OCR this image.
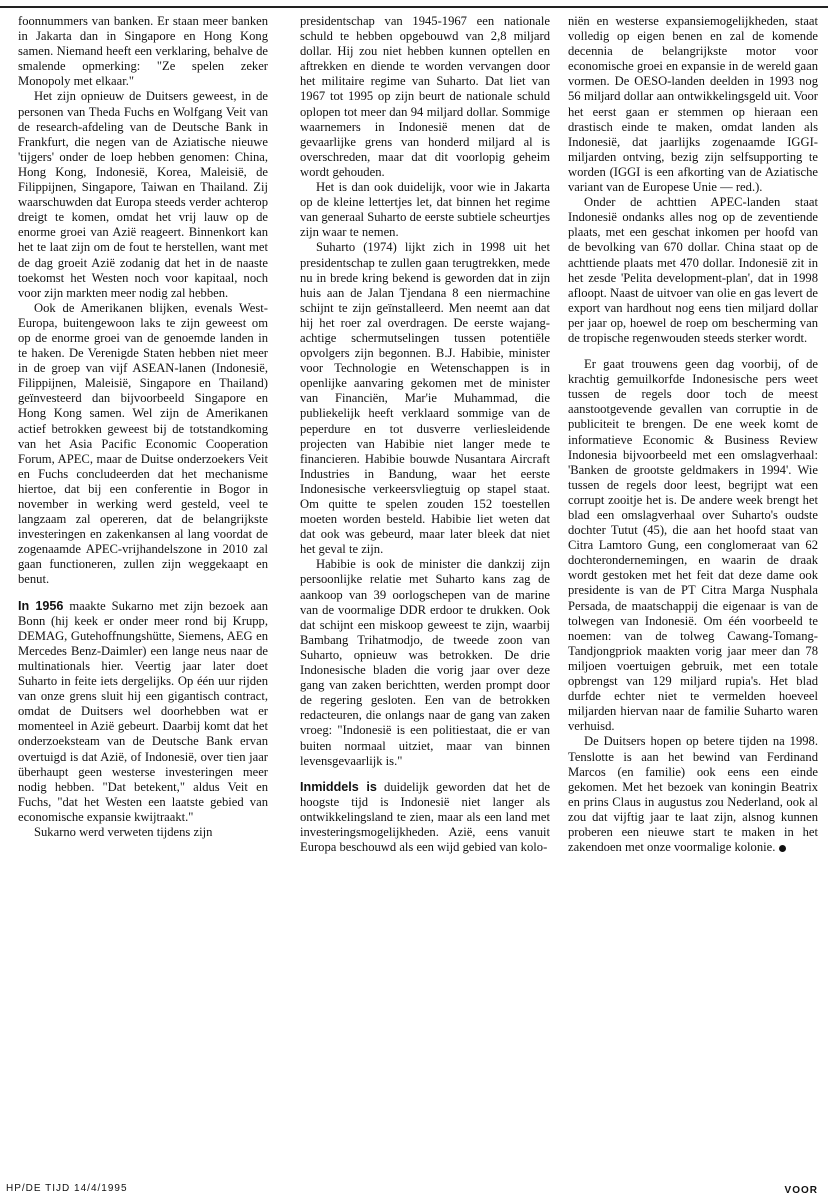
foonnummers van banken. Er staan meer banken in Jakarta dan in Singapore en Hong Kong samen. Niemand heeft een verklaring, behalve de smalende opmerking: "Ze spelen zeker Monopoly met elkaar."

Het zijn opnieuw de Duitsers geweest, in de personen van Theda Fuchs en Wolfgang Veit van de research-afdeling van de Deutsche Bank in Frankfurt, die negen van de Aziatische nieuwe 'tijgers' onder de loep hebben genomen: China, Hong Kong, Indonesië, Korea, Maleisië, de Filippijnen, Singapore, Taiwan en Thailand. Zij waarschuwden dat Europa steeds verder achterop dreigt te komen, omdat het vrij lauw op de enorme groei van Azië reageert. Binnenkort kan het te laat zijn om de fout te herstellen, want met de dag groeit Azië zodanig dat het in de naaste toekomst het Westen noch voor kapitaal, noch voor zijn markten meer nodig zal hebben.

Ook de Amerikanen blijken, evenals West-Europa, buitengewoon laks te zijn geweest om op de enorme groei van de genoemde landen in te haken. De Verenigde Staten hebben niet meer in de groep van vijf ASEAN-lanen (Indonesië, Filippijnen, Maleisië, Singapore en Thailand) geïnvesteerd dan bijvoorbeeld Singapore en Hong Kong samen. Wel zijn de Amerikanen actief betrokken geweest bij de totstandkoming van het Asia Pacific Economic Cooperation Forum, APEC, maar de Duitse onderzoekers Veit en Fuchs concludeerden dat het mechanisme hiertoe, dat bij een conferentie in Bogor in november in werking werd gesteld, veel te langzaam zal opereren, dat de belangrijkste investeringen en zakenkansen al lang voordat de zogenaamde APEC-vrijhandelszone in 2010 zal gaan functioneren, zullen zijn weggekaapt en benut.

In 1956 maakte Sukarno met zijn bezoek aan Bonn (hij keek er onder meer rond bij Krupp, DEMAG, Gutehoffnungshütte, Siemens, AEG en Mercedes Benz-Daimler) een lange neus naar de multinationals hier. Veertig jaar later doet Suharto in feite iets dergelijks. Op één uur rijden van onze grens sluit hij een gigantisch contract, omdat de Duitsers wel doorhebben wat er momenteel in Azië gebeurt. Daarbij komt dat het onderzoeksteam van de Deutsche Bank ervan overtuigd is dat Azië, of Indonesië, over tien jaar überhaupt geen westerse investeringen meer nodig hebben. "Dat betekent," aldus Veit en Fuchs, "dat het Westen een laatste gebied van economische expansie kwijtraakt."

Sukarno werd verweten tijdens zijn

presidentschap van 1945-1967 een nationale schuld te hebben opgebouwd van 2,8 miljard dollar. Hij zou niet hebben kunnen optellen en aftrekken en diende te worden vervangen door het militaire regime van Suharto. Dat liet van 1967 tot 1995 op zijn beurt de nationale schuld oplopen tot meer dan 94 miljard dollar. Sommige waarnemers in Indonesië menen dat de gevaarlijke grens van honderd miljard al is overschreden, maar dat dit voorlopig geheim wordt gehouden.

Het is dan ook duidelijk, voor wie in Jakarta op de kleine lettertjes let, dat binnen het regime van generaal Suharto de eerste subtiele scheurtjes zijn waar te nemen.

Suharto (1974) lijkt zich in 1998 uit het presidentschap te zullen gaan terugtrekken, mede nu in brede kring bekend is geworden dat in zijn huis aan de Jalan Tjendana 8 een niermachine schijnt te zijn geïnstalleerd. Men neemt aan dat hij het roer zal overdragen. De eerste wajang-achtige schermutselingen tussen potentiële opvolgers zijn begonnen. B.J. Habibie, minister voor Technologie en Wetenschappen is in openlijke aanvaring gekomen met de minister van Financiën, Mar'ie Muhammad, die publiekelijk heeft verklaard sommige van de peperdure en tot dusverre verliesleidende projecten van Habibie niet langer mede te financieren. Habibie bouwde Nusantara Aircraft Industries in Bandung, waar het eerste Indonesische verkeersvliegtuig op stapel staat. Om quitte te spelen zouden 152 toestellen moeten worden besteld. Habibie liet weten dat dat ook was gebeurd, maar later bleek dat niet het geval te zijn.

Habibie is ook de minister die dankzij zijn persoonlijke relatie met Suharto kans zag de aankoop van 39 oorlogschepen van de marine van de voormalige DDR erdoor te drukken. Ook dat schijnt een miskoop geweest te zijn, waarbij Bambang Trihatmodjo, de tweede zoon van Suharto, opnieuw was betrokken. De drie Indonesische bladen die vorig jaar over deze gang van zaken berichtten, werden prompt door de regering gesloten. Een van de betrokken redacteuren, die onlangs naar de gang van zaken vroeg: "Indonesië is een politiestaat, die er van buiten normaal uitziet, maar van binnen levensgevaarlijk is."

Inmiddels is duidelijk geworden dat het de hoogste tijd is Indonesië niet langer als ontwikkelingsland te zien, maar als een land met investeringsmogelijkheden. Azië, eens vanuit Europa beschouwd als een wijd gebied van kolo-

niën en westerse expansiemogelijkheden, staat volledig op eigen benen en zal de komende decennia de belangrijkste motor voor economische groei en expansie in de wereld gaan vormen. De OESO-landen deelden in 1993 nog 56 miljard dollar aan ontwikkelingsgeld uit. Voor het eerst gaan er stemmen op hieraan een drastisch einde te maken, omdat landen als Indonesië, dat jaarlijks zogenaamde IGGI-miljarden ontving, bezig zijn selfsupporting te worden (IGGI is een afkorting van de Aziatische variant van de Europese Unie — red.).

Onder de achttien APEC-landen staat Indonesië ondanks alles nog op de zeventiende plaats, met een geschat inkomen per hoofd van de bevolking van 670 dollar. China staat op de achttiende plaats met 470 dollar. Indonesië zit in het zesde 'Pelita development-plan', dat in 1998 afloopt. Naast de uitvoer van olie en gas levert de export van hardhout nog eens tien miljard dollar per jaar op, hoewel de roep om bescherming van de tropische regenwouden steeds sterker wordt.

Er gaat trouwens geen dag voorbij, of de krachtig gemuilkorfde Indonesische pers weet tussen de regels door toch de meest aanstootgevende gevallen van corruptie in de publiciteit te brengen. De ene week komt de informatieve Economic & Business Review Indonesia bijvoorbeeld met een omslagverhaal: 'Banken de grootste geldmakers in 1994'. Wie tussen de regels door leest, begrijpt wat een corrupt zooitje het is. De andere week brengt het blad een omslagverhaal over Suharto's oudste dochter Tutut (45), die aan het hoofd staat van Citra Lamtoro Gung, een conglomeraat van 62 dochterondernemingen, en waarin de draak wordt gestoken met het feit dat deze dame ook presidente is van de PT Citra Marga Nusphala Persada, de maatschappij die eigenaar is van de tolwegen van Indonesië. Om één voorbeeld te noemen: van de tolweg Cawang-Tomang-Tandjongpriok maakten vorig jaar meer dan 78 miljoen voertuigen gebruik, met een totale opbrengst van 129 miljard rupia's. Het blad durfde echter niet te vermelden hoeveel miljarden hiervan naar de familie Suharto waren verhuisd.

De Duitsers hopen op betere tijden na 1998. Tenslotte is aan het bewind van Ferdinand Marcos (en familie) ook eens een einde gekomen. Met het bezoek van koningin Beatrix en prins Claus in augustus zou Nederland, ook al zou dat vijftig jaar te laat zijn, alsnog kunnen proberen een nieuwe start te maken in het zakendoen met onze voormalige kolonie.

HP/DE TIJD 14/4/1995	VOOR
